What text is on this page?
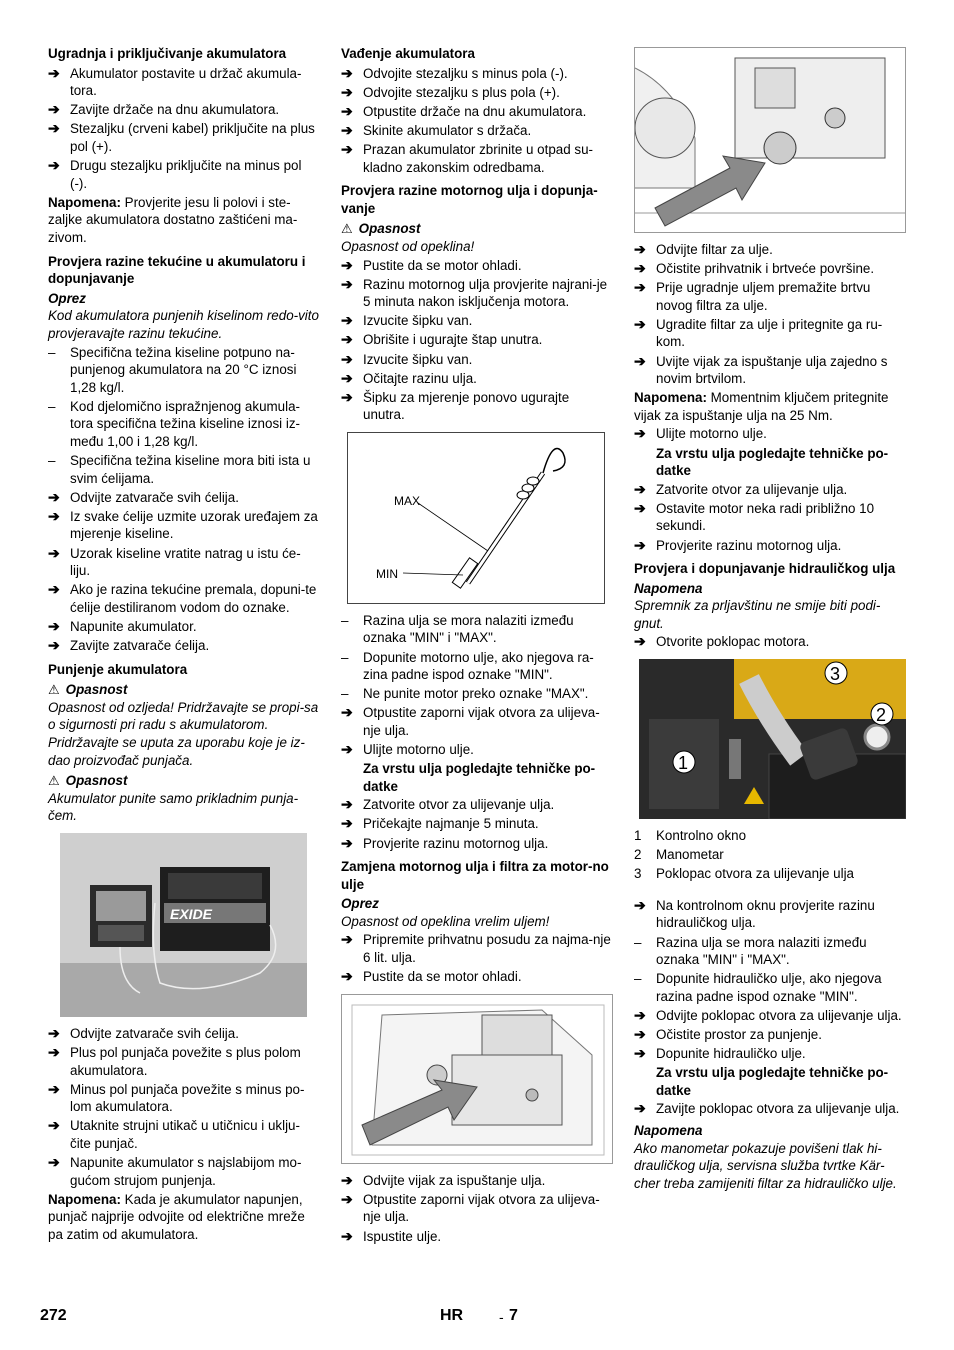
Ugradnja i priključivanje akumulatora
➔ Akumulator postavite u držač akumula-tora.
➔ Zavijte držače na dnu akumulatora.
➔ Stezaljku (crveni kabel) priključite na plus pol (+).
➔ Drugu stezaljku priključite na minus pol (-).
Napomena: Provjerite jesu li polovi i ste-zaljke akumulatora dostatno zaštićeni ma-zivom.
Provjera razine tekućine u akumulatoru i dopunjavanje
Oprez
Kod akumulatora punjenih kiselinom redo-vito provjeravajte razinu tekućine.
–	Specifična težina kiseline potpuno na-punjenog akumulatora na 20 °C iznosi 1,28 kg/l.
–	Kod djelomično ispražnjenog akumula-tora specifična težina kiseline iznosi iz-među 1,00 i 1,28 kg/l.
–	Specifična težina kiseline mora biti ista u svim ćelijama.
➔ Odvijte zatvarače svih ćelija.
➔ Iz svake ćelije uzmite uzorak uređajem za mjerenje kiseline.
➔ Uzorak kiseline vratite natrag u istu će-liju.
➔ Ako je razina tekućine premala, dopuni-te ćelije destiliranom vodom do oznake.
➔ Napunite akumulator.
➔ Zavijte zatvarače ćelija.
Punjenje akumulatora
⚠ Opasnost
Opasnost od ozljeda! Pridržavajte se propi-sa o sigurnosti pri radu s akumulatorom. Pridržavajte se uputa za uporabu koje je iz-dao proizvođač punjača.
⚠ Opasnost
Akumulator punite samo prikladnim punja-čem.
EXIDE
➔ Odvijte zatvarače svih ćelija.
➔ Plus pol punjača povežite s plus polom akumulatora.
➔ Minus pol punjača povežite s minus po-lom akumulatora.
➔ Utaknite strujni utikač u utičnicu i uklju-čite punjač.
➔ Napunite akumulator s najslabijom mo-gućom strujom punjenja.
Napomena: Kada je akumulator napunjen, punjač najprije odvojite od električne mreže pa zatim od akumulatora.
Vađenje akumulatora
➔ Odvojite stezaljku s minus pola (-).
➔ Odvojite stezaljku s plus pola (+).
➔ Otpustite držače na dnu akumulatora.
➔ Skinite akumulator s držača.
➔ Prazan akumulator zbrinite u otpad su-kladno zakonskim odredbama.
Provjera razine motornog ulja i dopunja-vanje
⚠ Opasnost
Opasnost od opeklina!
➔ Pustite da se motor ohladi.
➔ Razinu motornog ulja provjerite najrani-je 5 minuta nakon isključenja motora.
➔ Izvucite šipku van.
➔ Obrišite i ugurajte štap unutra.
➔ Izvucite šipku van.
➔ Očitajte razinu ulja.
➔ Šipku za mjerenje ponovo ugurajte unutra.
MAX
MIN
–	Razina ulja se mora nalaziti između oznaka "MIN" i "MAX".
–	Dopunite motorno ulje, ako njegova ra-zina padne ispod oznake "MIN".
–	Ne punite motor preko oznake "MAX".
➔ Otpustite zaporni vijak otvora za ulijeva-nje ulja.
➔ Ulijte motorno ulje.
Za vrstu ulja pogledajte tehničke po-datke
➔ Zatvorite otvor za ulijevanje ulja.
➔ Pričekajte najmanje 5 minuta.
➔ Provjerite razinu motornog ulja.
Zamjena motornog ulja i filtra za motor-no ulje
Oprez
Opasnost od opeklina vrelim uljem!
➔ Pripremite prihvatnu posudu za najma-nje 6 lit. ulja.
➔ Pustite da se motor ohladi.
➔ Odvijte vijak za ispuštanje ulja.
➔ Otpustite zaporni vijak otvora za ulijeva-nje ulja.
➔ Ispustite ulje.
➔ Odvijte filtar za ulje.
➔ Očistite prihvatnik i brtveće površine.
➔ Prije ugradnje uljem premažite brtvu novog filtra za ulje.
➔ Ugradite filtar za ulje i pritegnite ga ru-kom.
➔ Uvijte vijak za ispuštanje ulja zajedno s novim brtvilom.
Napomena: Momentnim ključem pritegnite vijak za ispuštanje ulja na 25 Nm.
➔ Ulijte motorno ulje.
Za vrstu ulja pogledajte tehničke po-datke
➔ Zatvorite otvor za ulijevanje ulja.
➔ Ostavite motor neka radi približno 10 sekundi.
➔ Provjerite razinu motornog ulja.
Provjera i dopunjavanje hidrauličkog ulja
Napomena
Spremnik za prljavštinu ne smije biti podi-gnut.
➔ Otvorite poklopac motora.
1
2
3
1	Kontrolno okno
2	Manometar
3	Poklopac otvora za ulijevanje ulja
➔ Na kontrolnom oknu provjerite razinu hidrauličkog ulja.
–	Razina ulja se mora nalaziti između oznaka "MIN" i "MAX".
–	Dopunite hidrauličko ulje, ako njegova razina padne ispod oznake "MIN".
➔ Odvijte poklopac otvora za ulijevanje ulja.
➔ Očistite prostor za punjenje.
➔ Dopunite hidrauličko ulje.
Za vrstu ulja pogledajte tehničke po-datke
➔ Zavijte poklopac otvora za ulijevanje ulja.
Napomena
Ako manometar pokazuje povišeni tlak hi-drauličkog ulja, servisna služba tvrtke Kär-cher treba zamijeniti filtar za hidrauličko ulje.
272	HR	- 7
